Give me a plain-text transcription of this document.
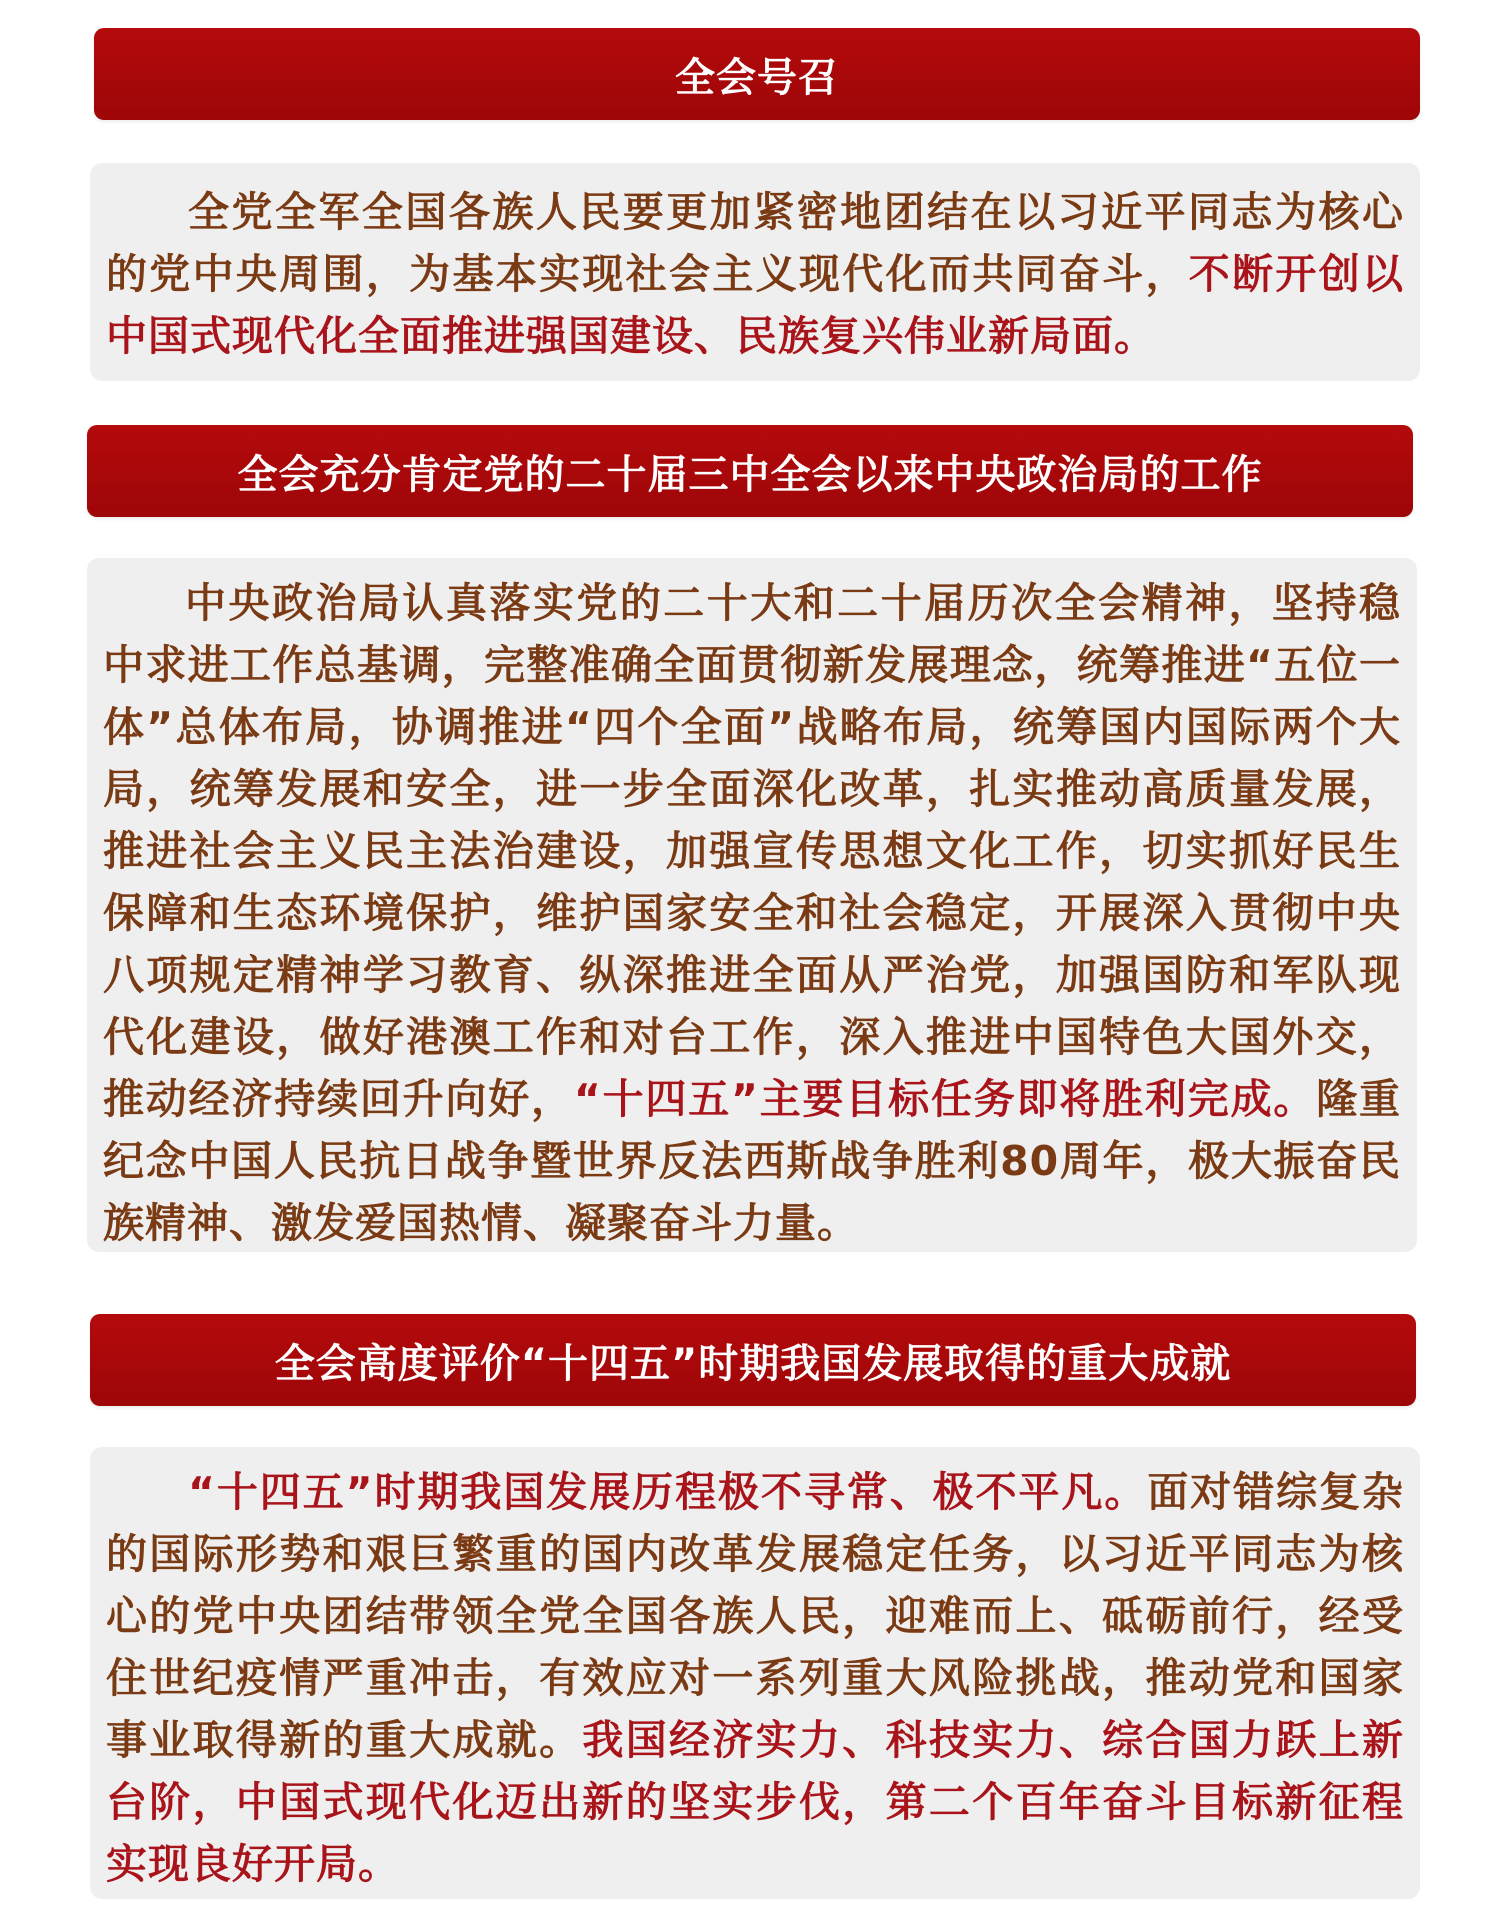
全会号召

全党全军全国各族人民要更加紧密地团结在以习近平同志为核心的党中央周围，为基本实现社会主义现代化而共同奋斗，不断开创以中国式现代化全面推进强国建设、民族复兴伟业新局面。

全会充分肯定党的二十届三中全会以来中央政治局的工作

中央政治局认真落实党的二十大和二十届历次全会精神，坚持稳中求进工作总基调，完整准确全面贯彻新发展理念，统筹推进“五位一体”总体布局，协调推进“四个全面”战略布局，统筹国内国际两个大局，统筹发展和安全，进一步全面深化改革，扎实推动高质量发展，推进社会主义民主法治建设，加强宣传思想文化工作，切实抓好民生保障和生态环境保护，维护国家安全和社会稳定，开展深入贯彻中央八项规定精神学习教育、纵深推进全面从严治党，加强国防和军队现代化建设，做好港澳工作和对台工作，深入推进中国特色大国外交，推动经济持续回升向好，“十四五”主要目标任务即将胜利完成。隆重纪念中国人民抗日战争暨世界反法西斯战争胜利80周年，极大振奋民族精神、激发爱国热情、凝聚奋斗力量。

全会高度评价“十四五”时期我国发展取得的重大成就

“十四五”时期我国发展历程极不寻常、极不平凡。面对错综复杂的国际形势和艰巨繁重的国内改革发展稳定任务，以习近平同志为核心的党中央团结带领全党全国各族人民，迎难而上、砥砺前行，经受住世纪疫情严重冲击，有效应对一系列重大风险挑战，推动党和国家事业取得新的重大成就。我国经济实力、科技实力、综合国力跃上新台阶，中国式现代化迈出新的坚实步伐，第二个百年奋斗目标新征程实现良好开局。
